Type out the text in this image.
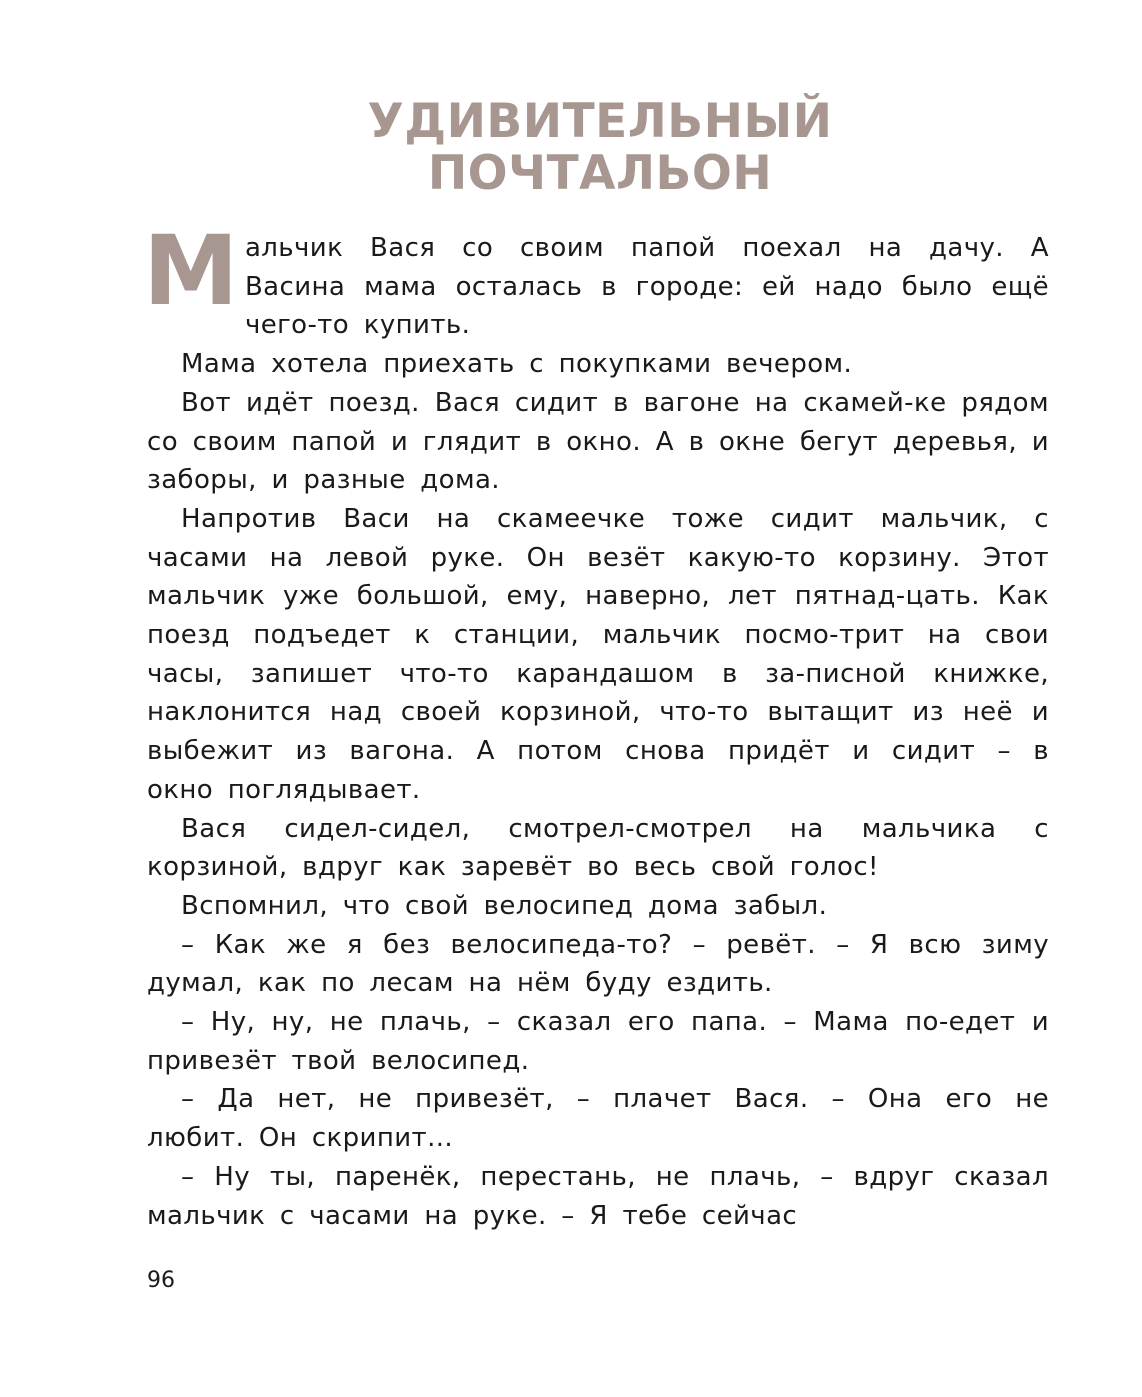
УДИВИТЕЛЬНЫЙ
ПОЧТАЛЬОН

Мальчик Вася со своим папой поехал на дачу. А Васина мама осталась в городе: ей надо было ещё чего-то купить.

Мама хотела приехать с покупками вечером.

Вот идёт поезд. Вася сидит в вагоне на скамей-ке рядом со своим папой и глядит в окно. А в окне бегут деревья, и заборы, и разные дома.

Напротив Васи на скамеечке тоже сидит мальчик, с часами на левой руке. Он везёт какую-то корзину. Этот мальчик уже большой, ему, наверно, лет пятнад-цать. Как поезд подъедет к станции, мальчик посмо-трит на свои часы, запишет что-то карандашом в за-писной книжке, наклонится над своей корзиной, что-то вытащит из неё и выбежит из вагона. А потом снова придёт и сидит – в окно поглядывает.

Вася сидел-сидел, смотрел-смотрел на мальчика с корзиной, вдруг как заревёт во весь свой голос!

Вспомнил, что свой велосипед дома забыл.

– Как же я без велосипеда-то? – ревёт. – Я всю зиму думал, как по лесам на нём буду ездить.

– Ну, ну, не плачь, – сказал его папа. – Мама по-едет и привезёт твой велосипед.

– Да нет, не привезёт, – плачет Вася. – Она его не любит. Он скрипит...

– Ну ты, паренёк, перестань, не плачь, – вдруг сказал мальчик с часами на руке. – Я тебе сейчас

96
